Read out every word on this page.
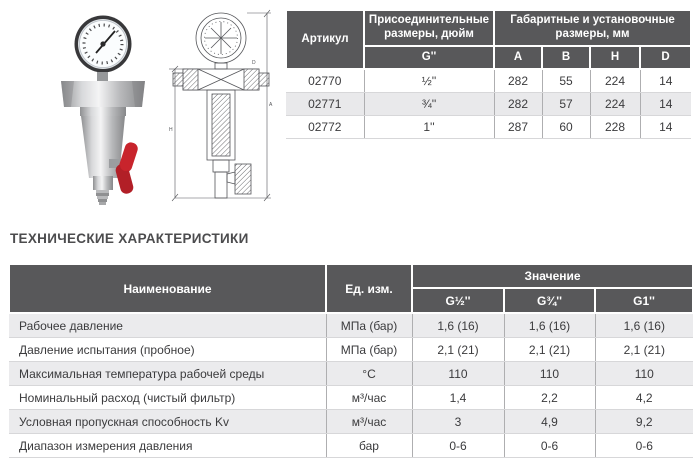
H
A
D
Артикул	Присоединительные размеры, дюйм	Габаритные и установочные размеры, мм			
	G''	A	B	H	D
02770	½''	282	55	224	14
02771	¾''	282	57	224	14
02772	1''	287	60	228	14
ТЕХНИЧЕСКИЕ ХАРАКТЕРИСТИКИ
Наименование	Ед. изм.	Значение		
		G½''	G¾''	G1''
Рабочее давление	МПа (бар)	1,6 (16)	1,6 (16)	1,6 (16)
Давление испытания (пробное)	МПа (бар)	2,1 (21)	2,1 (21)	2,1 (21)
Максимальная температура рабочей среды	°С	110	110	110
Номинальный расход (чистый фильтр)	м³/час	1,4	2,2	4,2
Условная пропускная способность Kv	м³/час	3	4,9	9,2
Диапазон измерения давления	бар	0-6	0-6	0-6
